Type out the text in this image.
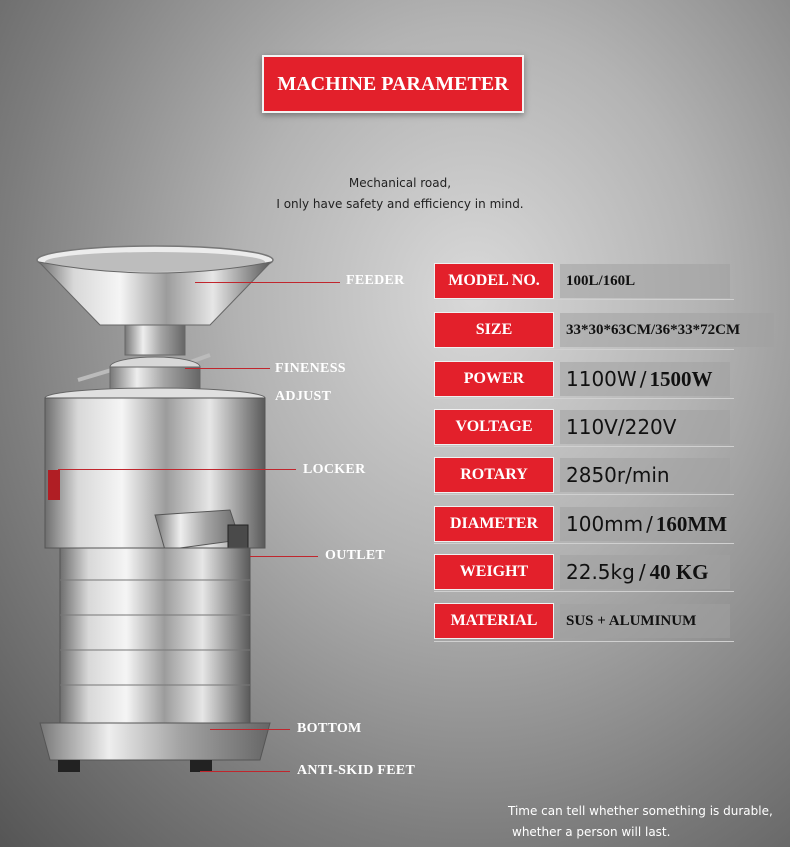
MACHINE PARAMETER
Mechanical road,
I only have safety and efficiency in mind.
FEEDER
FINENESS
ADJUST
LOCKER
OUTLET
BOTTOM
ANTI-SKID FEET
MODEL NO.	100L/160L
SIZE	33*30*63CM/36*33*72CM
POWER	1100W / 1500W
VOLTAGE	110V/220V
ROTARY	2850r/min
DIAMETER	100mm / 160MM
WEIGHT	22.5kg / 40 KG
MATERIAL	SUS + ALUMINUM
Time can tell whether something is durable,
whether a person will last.
